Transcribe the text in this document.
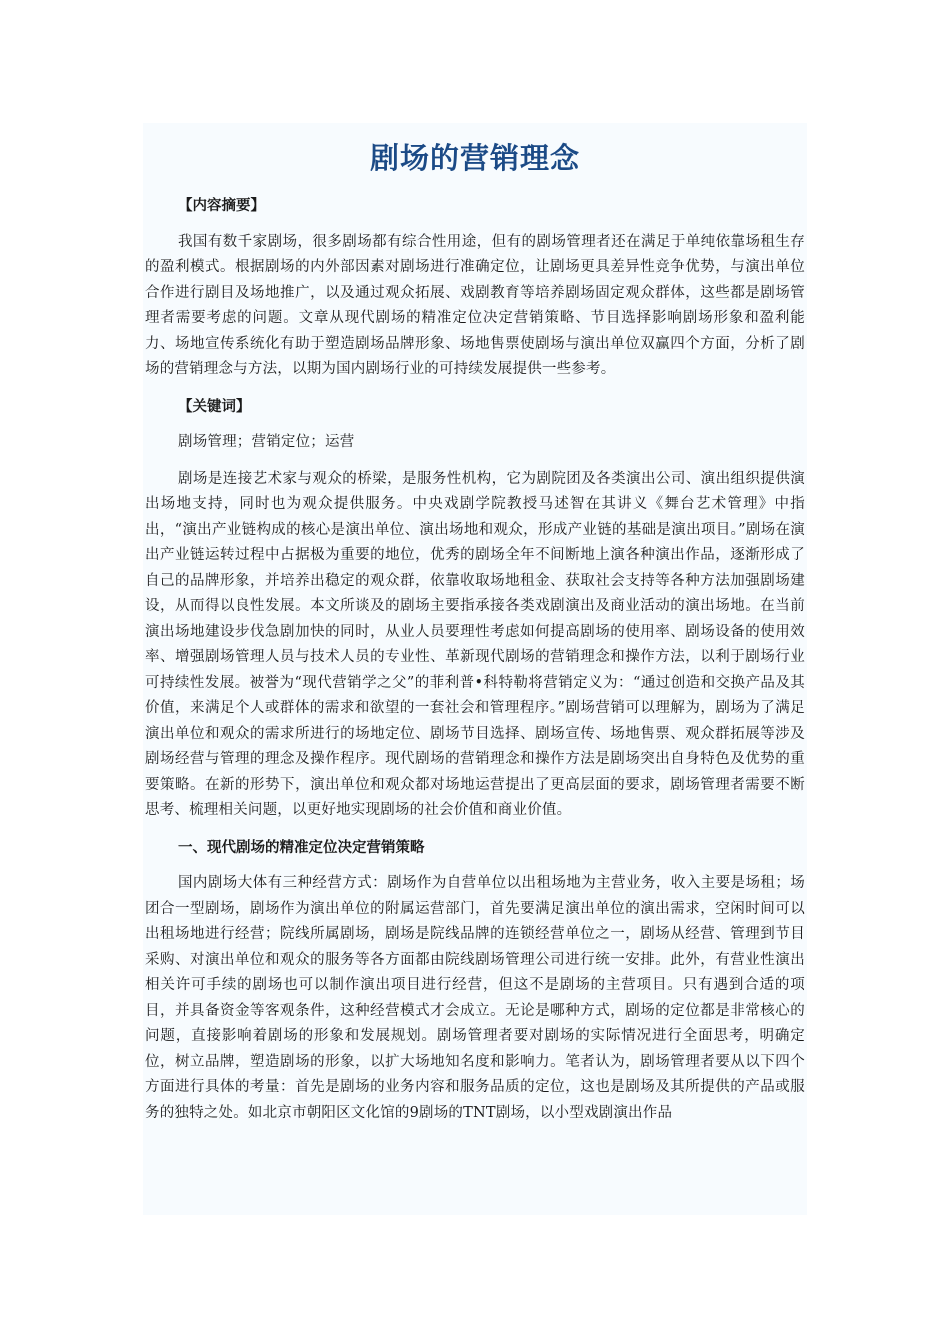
剧场的营销理念

【内容摘要】

我国有数千家剧场，很多剧场都有综合性用途，但有的剧场管理者还在满足于单纯依靠场租生存的盈利模式。根据剧场的内外部因素对剧场进行准确定位，让剧场更具差异性竞争优势，与演出单位合作进行剧目及场地推广，以及通过观众拓展、戏剧教育等培养剧场固定观众群体，这些都是剧场管理者需要考虑的问题。文章从现代剧场的精准定位决定营销策略、节目选择影响剧场形象和盈利能力、场地宣传系统化有助于塑造剧场品牌形象、场地售票使剧场与演出单位双赢四个方面，分析了剧场的营销理念与方法，以期为国内剧场行业的可持续发展提供一些参考。

【关键词】

剧场管理；营销定位；运营

剧场是连接艺术家与观众的桥梁，是服务性机构，它为剧院团及各类演出公司、演出组织提供演出场地支持，同时也为观众提供服务。中央戏剧学院教授马述智在其讲义《舞台艺术管理》中指出，“演出产业链构成的核心是演出单位、演出场地和观众，形成产业链的基础是演出项目。”剧场在演出产业链运转过程中占据极为重要的地位，优秀的剧场全年不间断地上演各种演出作品，逐渐形成了自己的品牌形象，并培养出稳定的观众群，依靠收取场地租金、获取社会支持等各种方法加强剧场建设，从而得以良性发展。本文所谈及的剧场主要指承接各类戏剧演出及商业活动的演出场地。在当前演出场地建设步伐急剧加快的同时，从业人员要理性考虑如何提高剧场的使用率、剧场设备的使用效率、增强剧场管理人员与技术人员的专业性、革新现代剧场的营销理念和操作方法，以利于剧场行业可持续性发展。被誉为“现代营销学之父”的菲利普•科特勒将营销定义为：“通过创造和交换产品及其价值，来满足个人或群体的需求和欲望的一套社会和管理程序。”剧场营销可以理解为，剧场为了满足演出单位和观众的需求所进行的场地定位、剧场节目选择、剧场宣传、场地售票、观众群拓展等涉及剧场经营与管理的理念及操作程序。现代剧场的营销理念和操作方法是剧场突出自身特色及优势的重要策略。在新的形势下，演出单位和观众都对场地运营提出了更高层面的要求，剧场管理者需要不断思考、梳理相关问题，以更好地实现剧场的社会价值和商业价值。

一、现代剧场的精准定位决定营销策略

国内剧场大体有三种经营方式：剧场作为自营单位以出租场地为主营业务，收入主要是场租；场团合一型剧场，剧场作为演出单位的附属运营部门，首先要满足演出单位的演出需求，空闲时间可以出租场地进行经营；院线所属剧场，剧场是院线品牌的连锁经营单位之一，剧场从经营、管理到节目采购、对演出单位和观众的服务等各方面都由院线剧场管理公司进行统一安排。此外，有营业性演出相关许可手续的剧场也可以制作演出项目进行经营，但这不是剧场的主营项目。只有遇到合适的项目，并具备资金等客观条件，这种经营模式才会成立。无论是哪种方式，剧场的定位都是非常核心的问题，直接影响着剧场的形象和发展规划。剧场管理者要对剧场的实际情况进行全面思考，明确定位，树立品牌，塑造剧场的形象，以扩大场地知名度和影响力。笔者认为，剧场管理者要从以下四个方面进行具体的考量：首先是剧场的业务内容和服务品质的定位，这也是剧场及其所提供的产品或服务的独特之处。如北京市朝阳区文化馆的9剧场的TNT剧场，以小型戏剧演出作品
